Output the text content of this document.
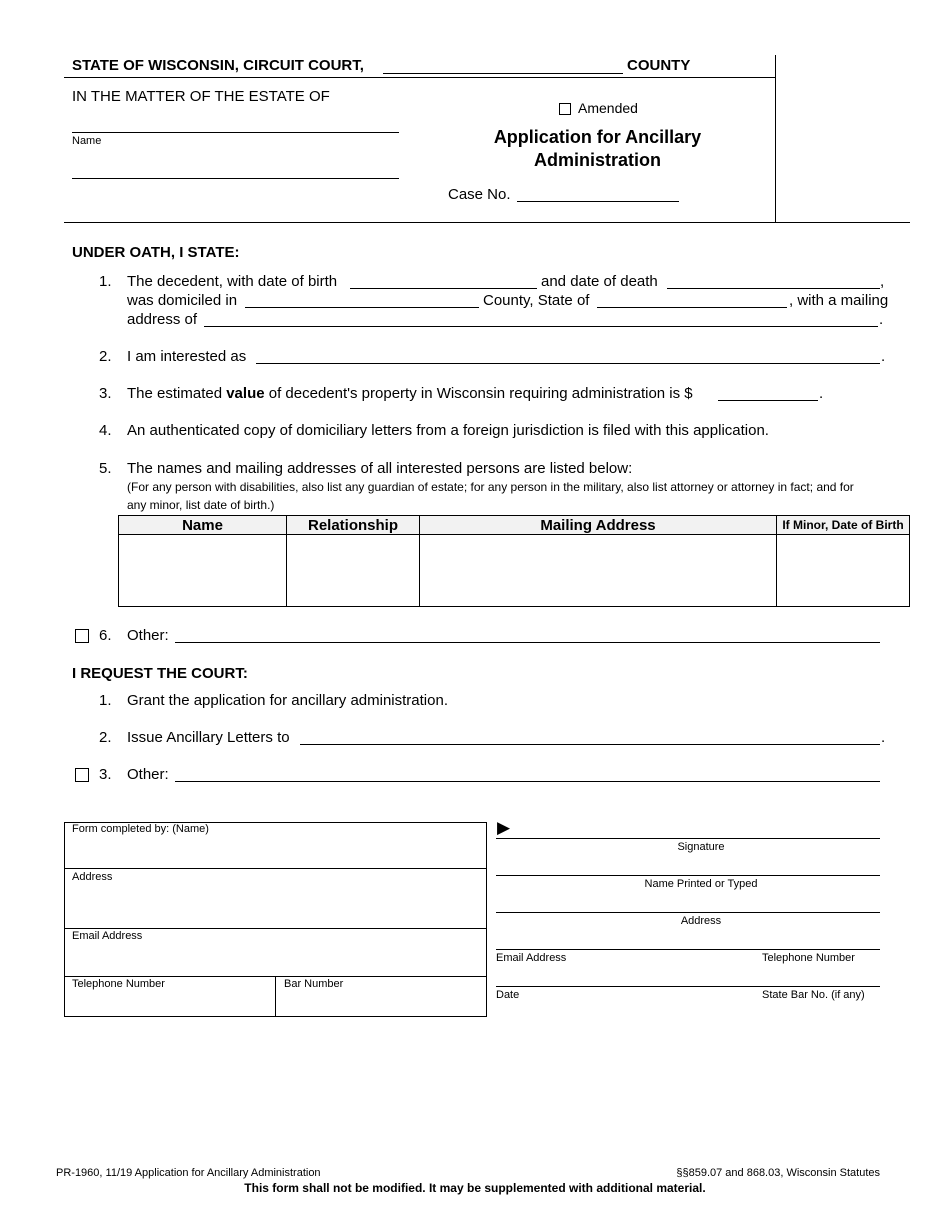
STATE OF WISCONSIN, CIRCUIT COURT,	COUNTY
IN THE MATTER OF THE ESTATE OF
Name
Amended
Application for Ancillary
Administration
Case No.
UNDER OATH, I STATE:
1. The decedent, with date of birth	and date of death	,
was domiciled in	County, State of	, with a mailing
address of	.
2. I am interested as	.
3. The estimated value of decedent's property in Wisconsin requiring administration is $	.
4. An authenticated copy of domiciliary letters from a foreign jurisdiction is filed with this application.
5. The names and mailing addresses of all interested persons are listed below:
(For any person with disabilities, also list any guardian of estate; for any person in the military, also list attorney or attorney in fact; and for
any minor, list date of birth.)
Name	Relationship	Mailing Address	If Minor, Date of Birth

6. Other:
I REQUEST THE COURT:
1. Grant the application for ancillary administration.
2. Issue Ancillary Letters to	.
3. Other:
Form completed by: (Name)
Address
Email Address
Telephone Number	Bar Number
▶
Signature
Name Printed or Typed
Address
Email Address	Telephone Number
Date	State Bar No. (if any)
PR-1960, 11/19 Application for Ancillary Administration	§§859.07 and 868.03, Wisconsin Statutes
This form shall not be modified. It may be supplemented with additional material.
